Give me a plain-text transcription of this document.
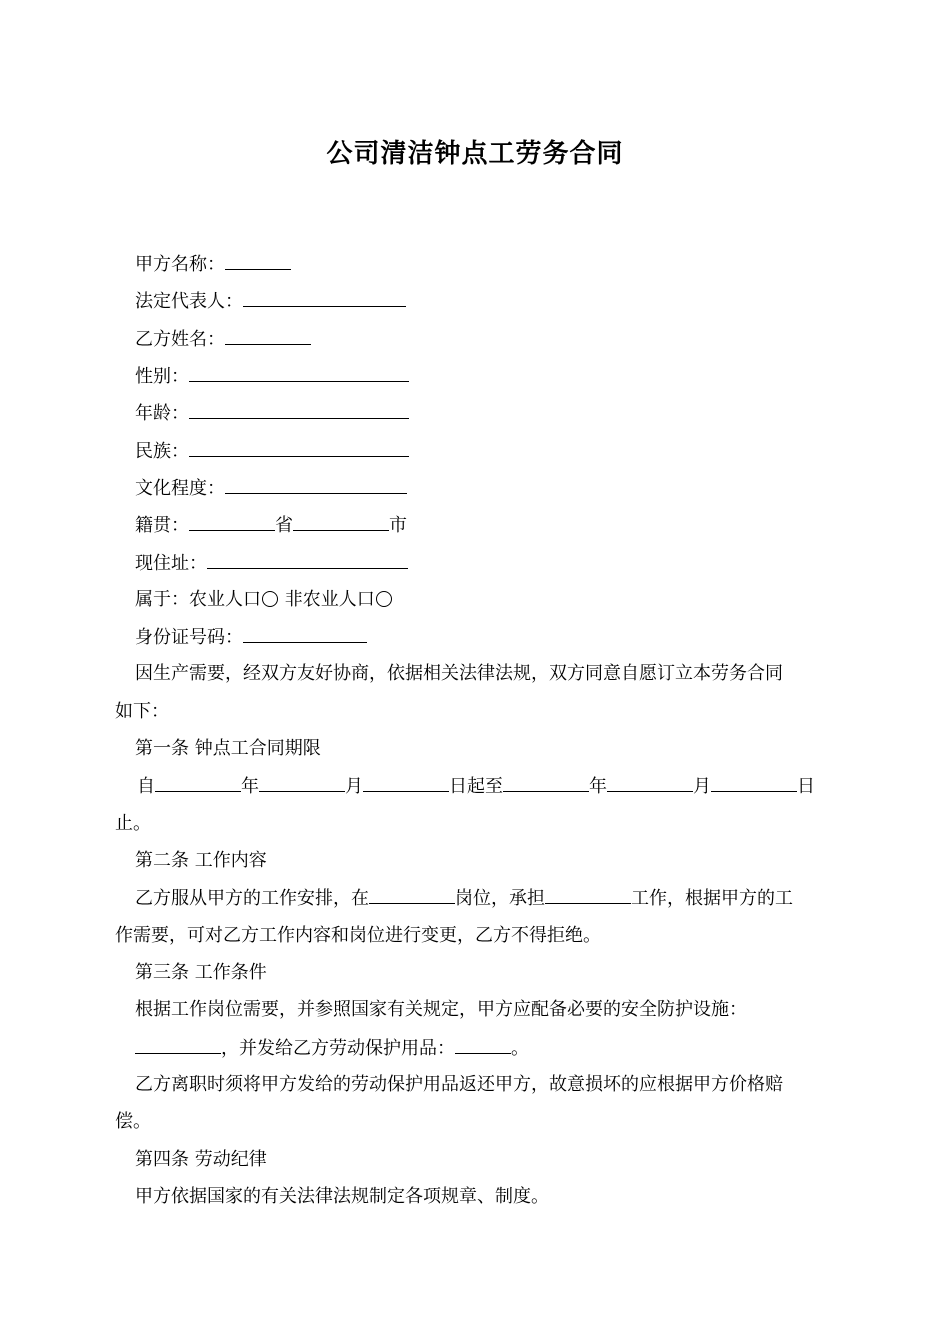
公司清洁钟点工劳务合同
甲方名称：
法定代表人：
乙方姓名：
性别：
年龄：
民族：
文化程度：
籍贯：	省	市
现住址：
属于：农业人口 非农业人口
身份证号码：
因生产需要，经双方友好协商，依据相关法律法规，双方同意自愿订立本劳务合同
如下：
第一条 钟点工合同期限
自	年	月	日起至	年	月	日
止。
第二条 工作内容
乙方服从甲方的工作安排，在	岗位，承担	工作，根据甲方的工
作需要，可对乙方工作内容和岗位进行变更，乙方不得拒绝。
第三条 工作条件
根据工作岗位需要，并参照国家有关规定，甲方应配备必要的安全防护设施：
，并发给乙方劳动保护用品：	。
乙方离职时须将甲方发给的劳动保护用品返还甲方，故意损坏的应根据甲方价格赔
偿。
第四条 劳动纪律
甲方依据国家的有关法律法规制定各项规章、制度。
